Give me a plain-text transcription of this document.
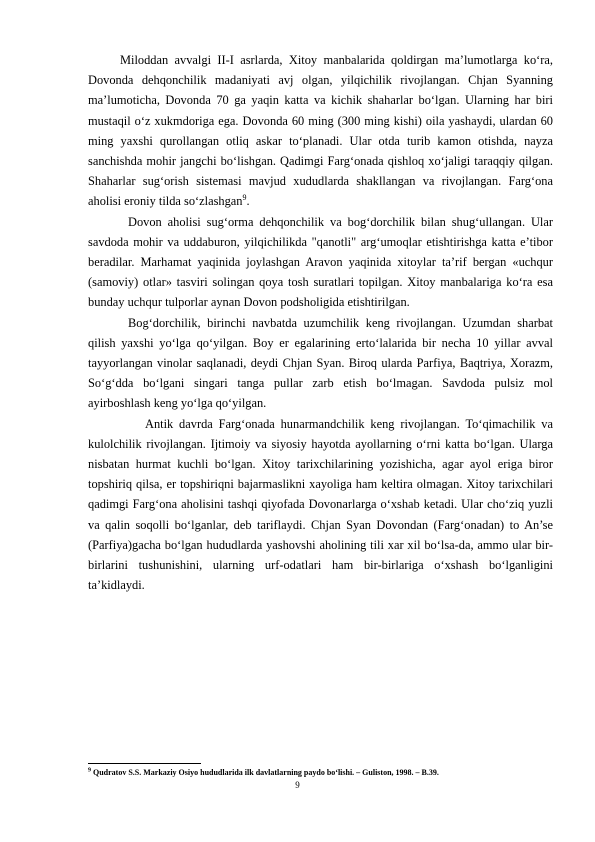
Miloddan avvalgi II-I asrlarda, Xitoy manbalarida qoldirgan ma’lumotlarga ko‘ra, Dovonda dehqonchilik madaniyati avj olgan, yilqichilik rivojlangan. Chjan Syanning ma’lumoticha, Dovonda 70 ga yaqin katta va kichik shaharlar bo‘lgan. Ularning har biri mustaqil o‘z xukmdoriga ega. Dovonda 60 ming (300 ming kishi) oila yashaydi, ulardan 60 ming yaxshi qurollangan otliq askar to‘planadi. Ular otda turib kamon otishda, nayza sanchishda mohir jangchi bo‘lishgan. Qadimgi Farg‘onada qishloq xo‘jaligi taraqqiy qilgan. Shaharlar sug‘orish sistemasi mavjud xududlarda shakllangan va rivojlangan. Farg‘ona aholisi eroniy tilda so‘zlashgan$^9$.

Dovon aholisi sug‘orma dehqonchilik va bog‘dorchilik bilan shug‘ullangan. Ular savdoda mohir va uddaburon, yilqichilikda "qanotli" arg‘umoqlar etishtirishga katta e’tibor beradilar. Marhamat yaqinida joylashgan Aravon yaqinida xitoylar ta’rif bergan «uchqur (samoviy) otlar» tasviri solingan qoya tosh suratlari topilgan. Xitoy manbalariga ko‘ra esa bunday uchqur tulporlar aynan Dovon podsholigida etishtirilgan.

Bog‘dorchilik, birinchi navbatda uzumchilik keng rivojlangan. Uzumdan sharbat qilish yaxshi yo‘lga qo‘yilgan. Boy er egalarining erto‘lalarida bir necha 10 yillar avval tayyorlangan vinolar saqlanadi, deydi Chjan Syan. Biroq ularda Parfiya, Baqtriya, Xorazm, So‘g‘dda bo‘lgani singari tanga pullar zarb etish bo‘lmagan. Savdoda pulsiz mol ayirboshlash keng yo‘lga qo‘yilgan.

Antik davrda Farg‘onada hunarmandchilik keng rivojlangan. To‘qimachilik va kulolchilik rivojlangan. Ijtimoiy va siyosiy hayotda ayollarning o‘rni katta bo‘lgan. Ularga nisbatan hurmat kuchli bo‘lgan. Xitoy tarixchilarining yozishicha, agar ayol eriga biror topshiriq qilsa, er topshiriqni bajarmaslikni xayoliga ham keltira olmagan. Xitoy tarixchilari qadimgi Farg‘ona aholisini tashqi qiyofada Dovonarlarga o‘xshab ketadi. Ular cho‘ziq yuzli va qalin soqolli bo‘lganlar, deb tariflaydi. Chjan Syan Dovondan (Farg‘onadan) to An’se (Parfiya)gacha bo‘lgan hududlarda yashovshi aholining tili xar xil bo‘lsa-da, ammo ular bir- birlarini tushunishini, ularning urf-odatlari ham bir-birlariga o‘xshash bo‘lganligini ta’kidlaydi.

$^9$ Qudratov S.S. Markaziy Osiyo hududlarida ilk davlatlarning paydo bo‘lishi. – Guliston, 1998. – B.39.
9
